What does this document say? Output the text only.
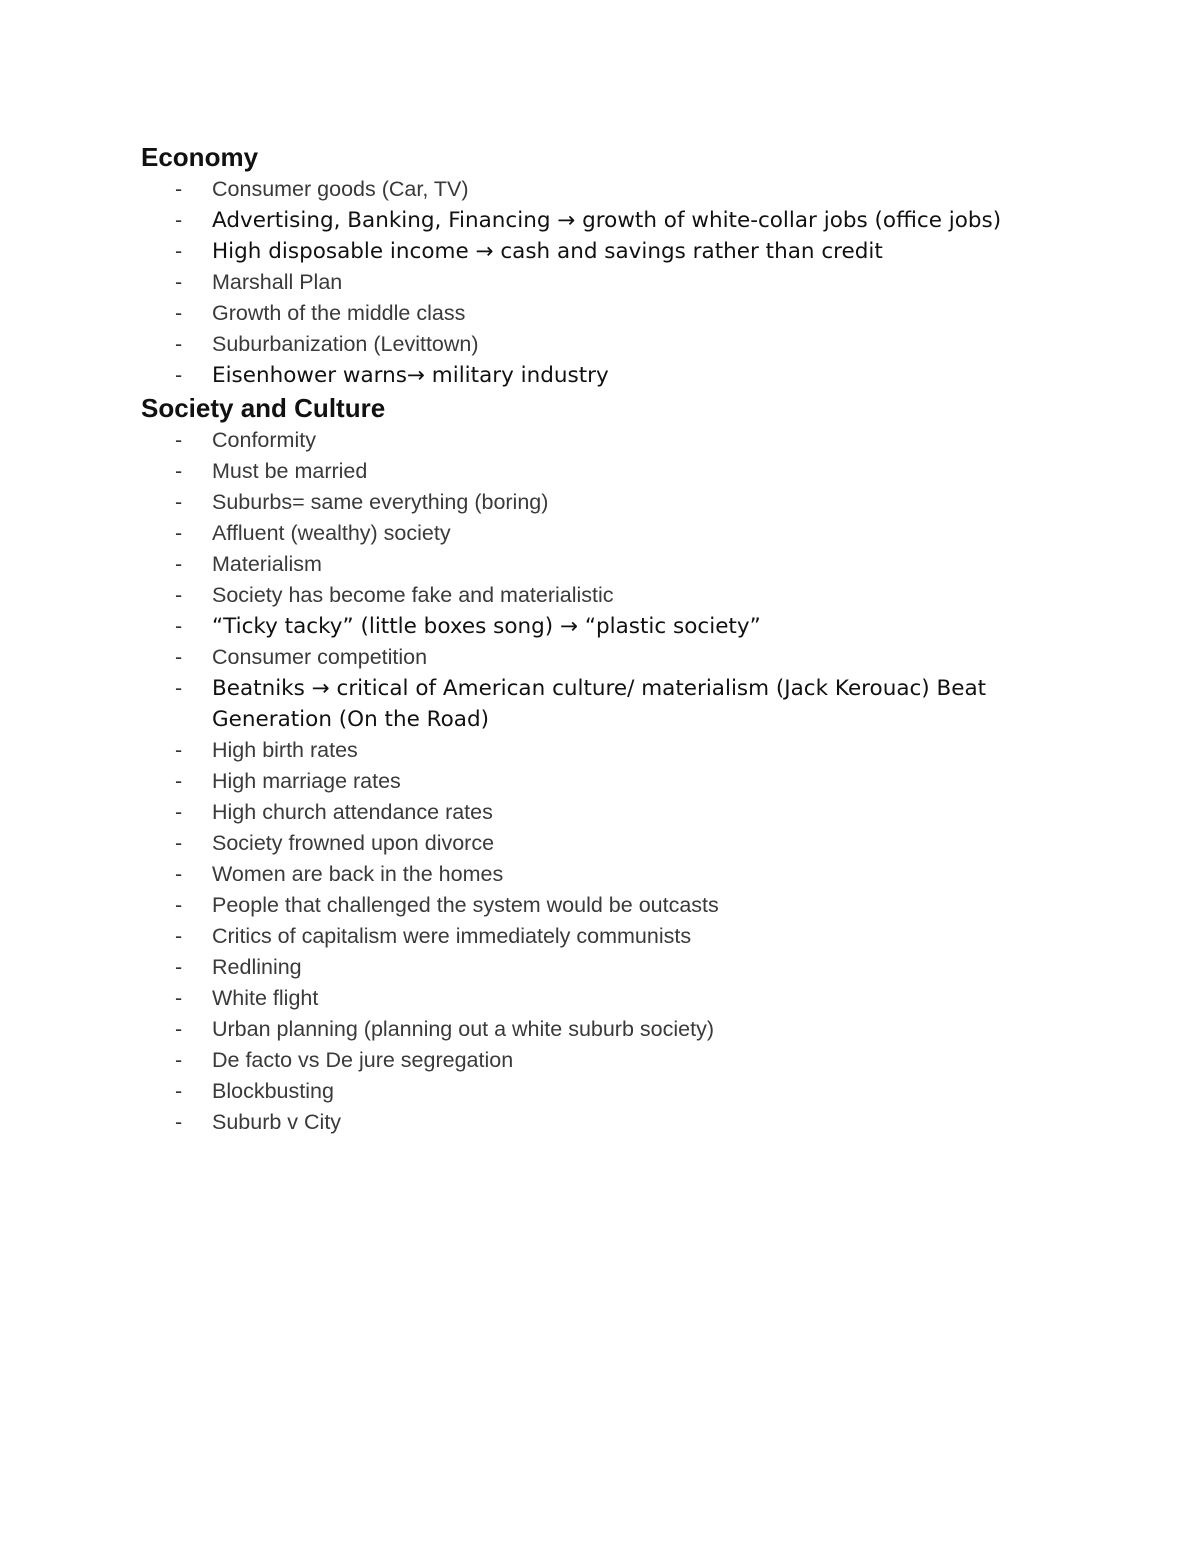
Economy
- Consumer goods (Car, TV)
- Advertising, Banking, Financing → growth of white-collar jobs (office jobs)
- High disposable income → cash and savings rather than credit
- Marshall Plan
- Growth of the middle class
- Suburbanization (Levittown)
- Eisenhower warns→ military industry
Society and Culture
- Conformity
- Must be married
- Suburbs= same everything (boring)
- Affluent (wealthy) society
- Materialism
- Society has become fake and materialistic
- “Ticky tacky” (little boxes song) → “plastic society”
- Consumer competition
- Beatniks → critical of American culture/ materialism (Jack Kerouac) Beat Generation (On the Road)
- High birth rates
- High marriage rates
- High church attendance rates
- Society frowned upon divorce
- Women are back in the homes
- People that challenged the system would be outcasts
- Critics of capitalism were immediately communists
- Redlining
- White flight
- Urban planning (planning out a white suburb society)
- De facto vs De jure segregation
- Blockbusting
- Suburb v City
